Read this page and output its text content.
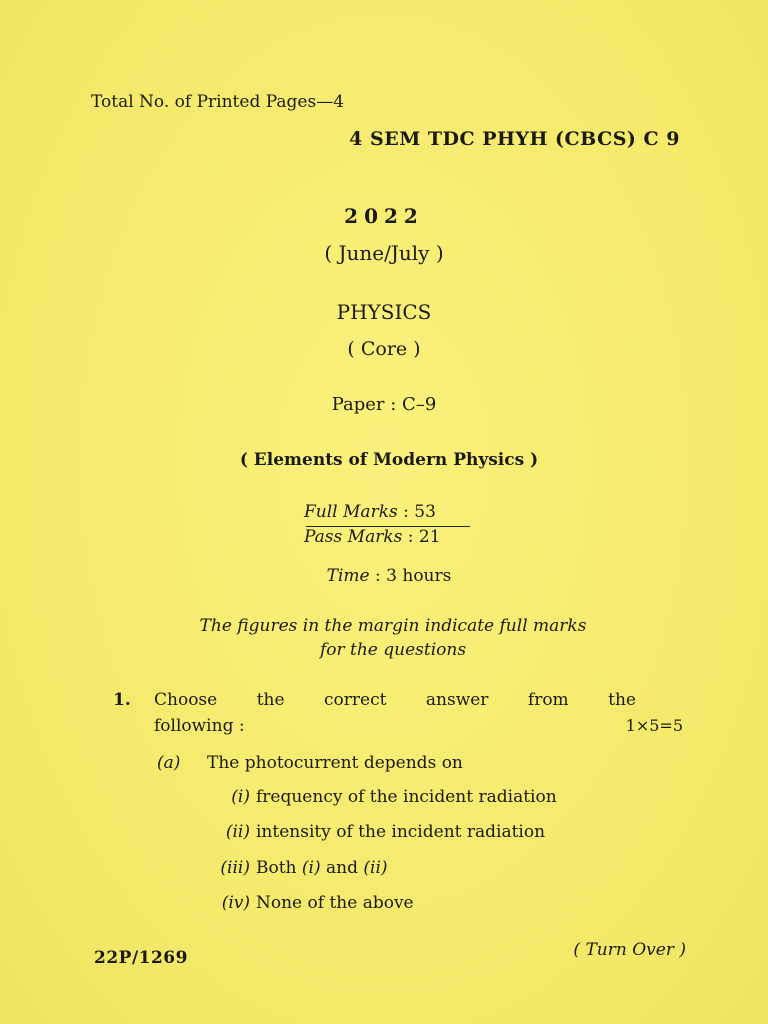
Total No. of Printed Pages—4
4 SEM TDC PHYH (CBCS) C 9
2022
( June/July )
PHYSICS
( Core )
Paper : C–9
( Elements of Modern Physics )
Full Marks : 53
Pass Marks : 21
Time : 3 hours
The figures in the margin indicate full marks
for the questions
1. Choose the correct answer from the
following :	1×5=5
(a) The photocurrent depends on
(i) frequency of the incident radiation
(ii) intensity of the incident radiation
(iii) Both (i) and (ii)
(iv) None of the above
22P/1269	( Turn Over )
